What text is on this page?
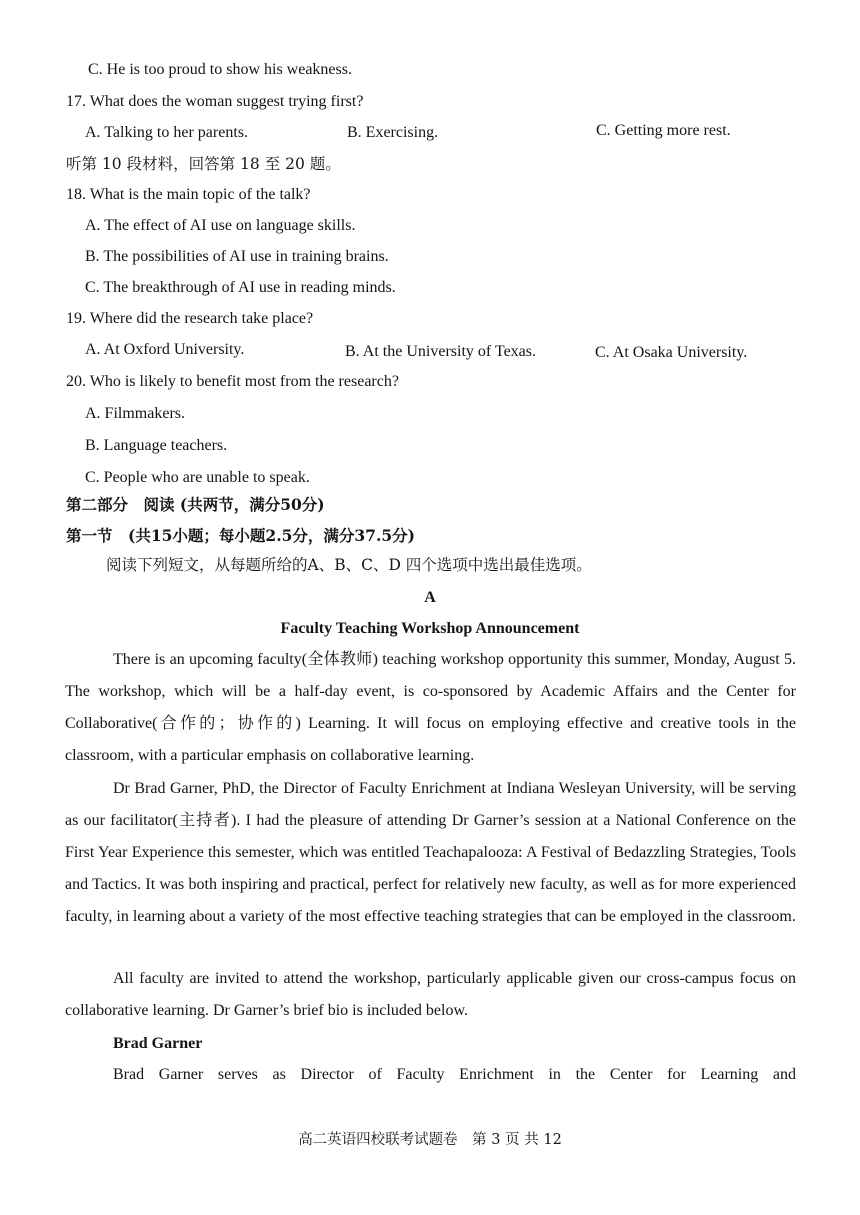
C. He is too proud to show his weakness.
17. What does the woman suggest trying first?
A. Talking to her parents.	B. Exercising.	C. Getting more rest.
听第 10 段材料，回答第 18 至 20 题。
18. What is the main topic of the talk?
A. The effect of AI use on language skills.
B. The possibilities of AI use in training brains.
C. The breakthrough of AI use in reading minds.
19. Where did the research take place?
A. At Oxford University.	B. At the University of Texas.	C. At Osaka University.
20. Who is likely to benefit most from the research?
A. Filmmakers.
B. Language teachers.
C. People who are unable to speak.
第二部分　阅读 (共两节，满分50分)
第一节　(共15小题；每小题2.5分，满分37.5分)
阅读下列短文，从每题所给的A、B、C、D 四个选项中选出最佳选项。
A
Faculty Teaching Workshop Announcement
There is an upcoming faculty(全体教师) teaching workshop opportunity this summer, Monday, August 5. The workshop, which will be a half-day event, is co-sponsored by Academic Affairs and the Center for Collaborative(合作的；协作的) Learning. It will focus on employing effective and creative tools in the classroom, with a particular emphasis on collaborative learning.
Dr Brad Garner, PhD, the Director of Faculty Enrichment at Indiana Wesleyan University, will be serving as our facilitator(主持者). I had the pleasure of attending Dr Garner’s session at a National Conference on the First Year Experience this semester, which was entitled Teachapalooza: A Festival of Bedazzling Strategies, Tools and Tactics. It was both inspiring and practical, perfect for relatively new faculty, as well as for more experienced faculty, in learning about a variety of the most effective teaching strategies that can be employed in the classroom.
All faculty are invited to attend the workshop, particularly applicable given our cross-campus focus on collaborative learning. Dr Garner’s brief bio is included below.
Brad Garner
Brad Garner serves as Director of Faculty Enrichment in the Center for Learning and
高二英语四校联考试题卷　第 3 页 共 12
